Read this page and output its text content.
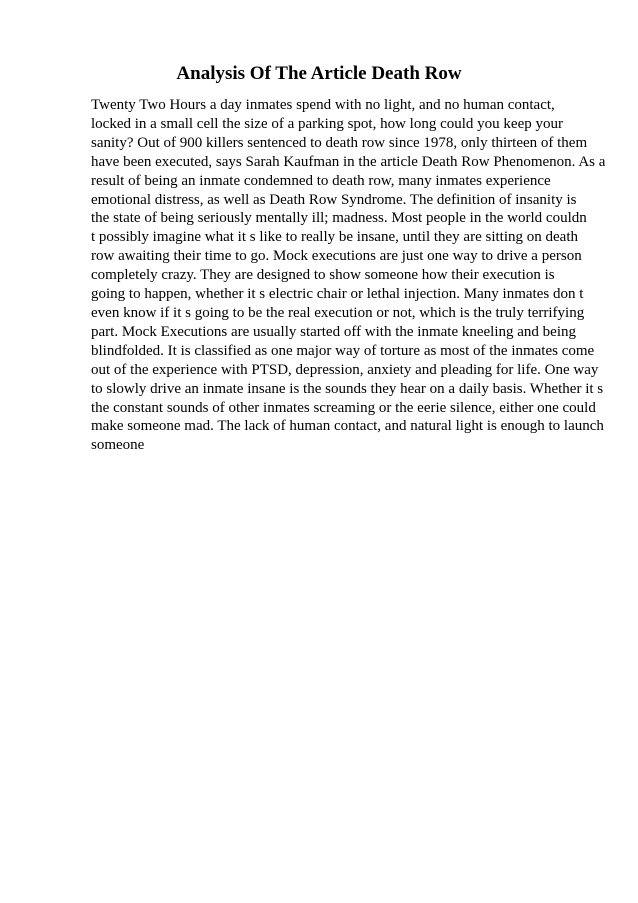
Analysis Of The Article Death Row
Twenty Two Hours a day inmates spend with no light, and no human contact,
locked in a small cell the size of a parking spot, how long could you keep your
sanity? Out of 900 killers sentenced to death row since 1978, only thirteen of them
have been executed, says Sarah Kaufman in the article Death Row Phenomenon. As a
result of being an inmate condemned to death row, many inmates experience
emotional distress, as well as Death Row Syndrome. The definition of insanity is
the state of being seriously mentally ill; madness. Most people in the world couldn
t possibly imagine what it s like to really be insane, until they are sitting on death
row awaiting their time to go. Mock executions are just one way to drive a person
completely crazy. They are designed to show someone how their execution is
going to happen, whether it s electric chair or lethal injection. Many inmates don t
even know if it s going to be the real execution or not, which is the truly terrifying
part. Mock Executions are usually started off with the inmate kneeling and being
blindfolded. It is classified as one major way of torture as most of the inmates come
out of the experience with PTSD, depression, anxiety and pleading for life. One way
to slowly drive an inmate insane is the sounds they hear on a daily basis. Whether it s
the constant sounds of other inmates screaming or the eerie silence, either one could
make someone mad. The lack of human contact, and natural light is enough to launch
someone
